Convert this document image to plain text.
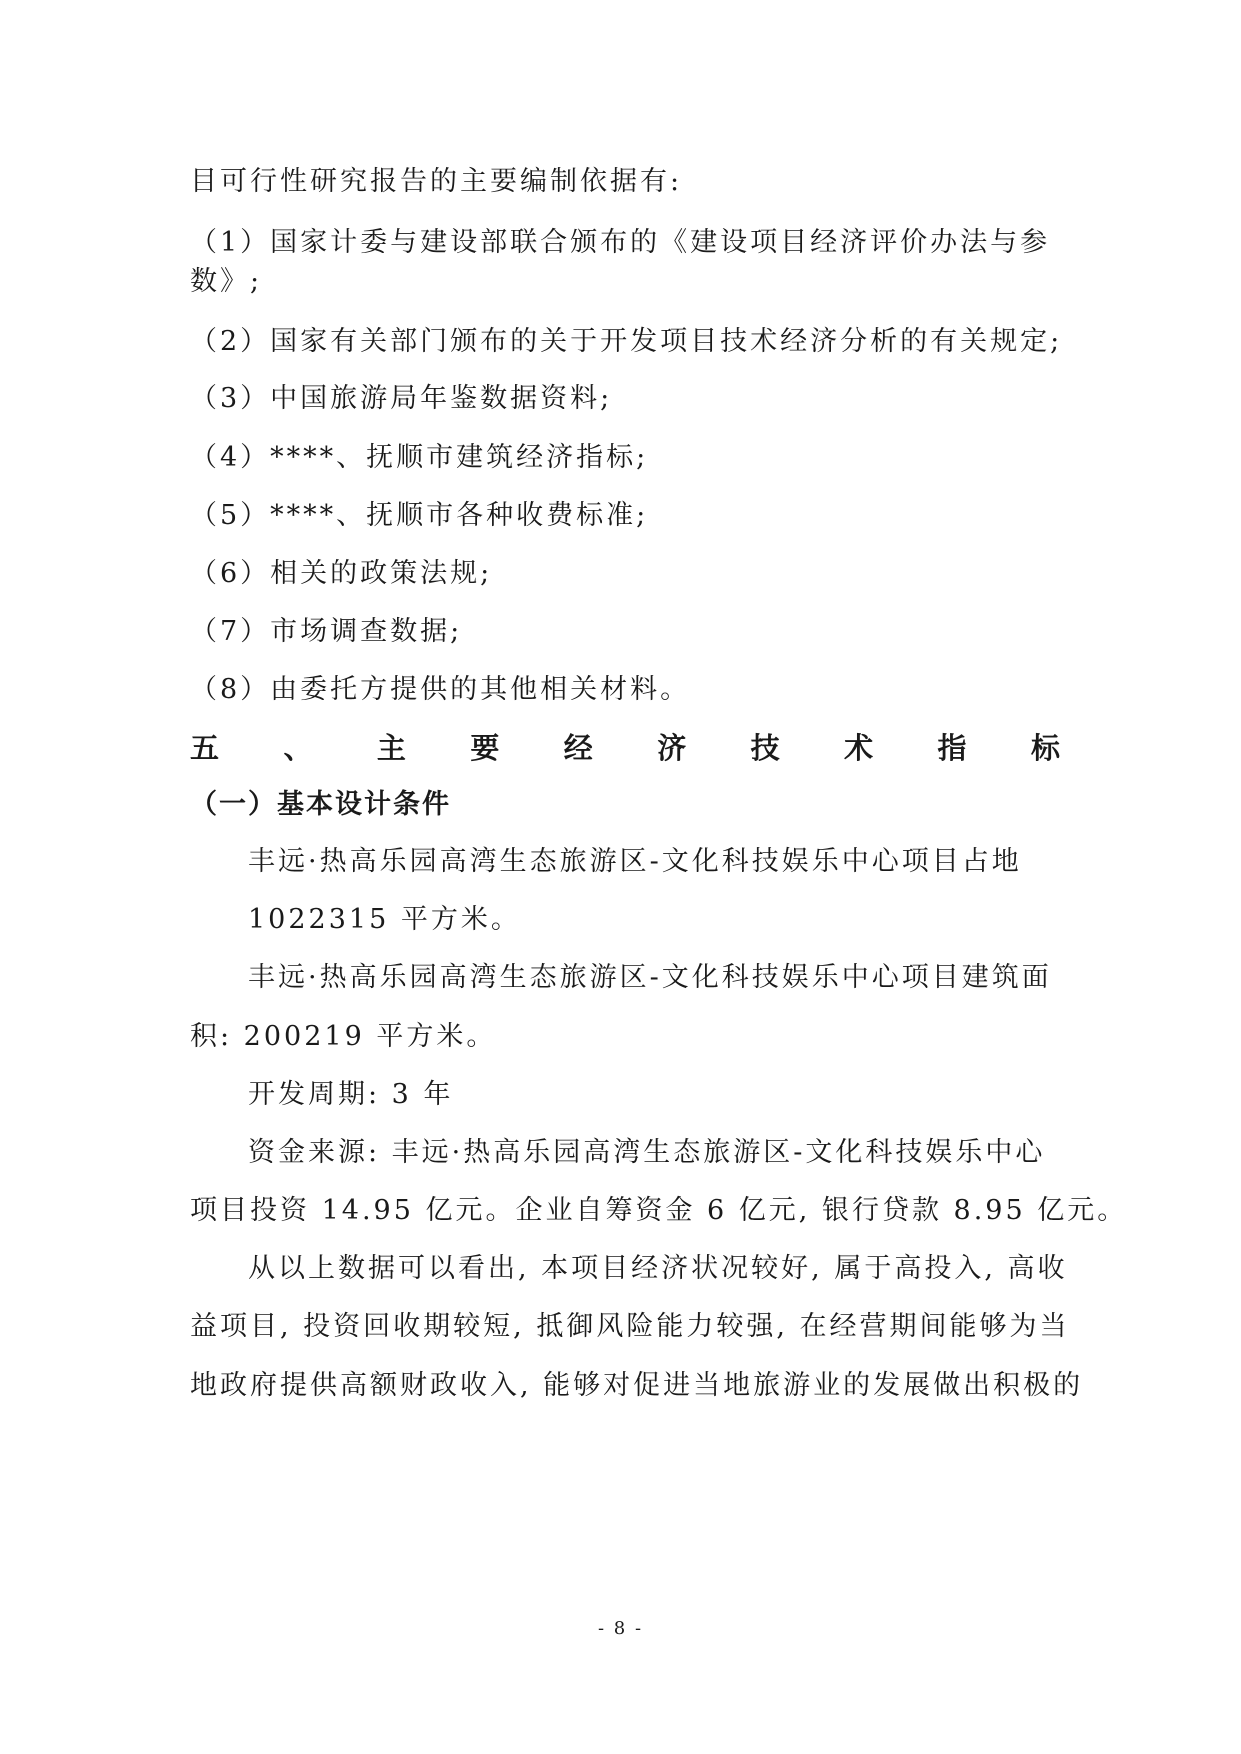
目可行性研究报告的主要编制依据有:
（1）国家计委与建设部联合颁布的《建设项目经济评价办法与参
数》;
（2）国家有关部门颁布的关于开发项目技术经济分析的有关规定;
（3）中国旅游局年鉴数据资料;
（4）****、抚顺市建筑经济指标;
（5）****、抚顺市各种收费标准;
（6）相关的政策法规;
（7）市场调查数据;
（8）由委托方提供的其他相关材料。
五 、 主 要 经 济 技 术 指 标
（一）基本设计条件
丰远·热高乐园高湾生态旅游区-文化科技娱乐中心项目占地
1022315 平方米。
丰远·热高乐园高湾生态旅游区-文化科技娱乐中心项目建筑面
积: 200219 平方米。
开发周期: 3 年
资金来源: 丰远·热高乐园高湾生态旅游区-文化科技娱乐中心
项目投资 14.95 亿元。企业自筹资金 6 亿元, 银行贷款 8.95 亿元。
从以上数据可以看出, 本项目经济状况较好, 属于高投入, 高收
益项目, 投资回收期较短, 抵御风险能力较强, 在经营期间能够为当
地政府提供高额财政收入, 能够对促进当地旅游业的发展做出积极的
- 8 -
